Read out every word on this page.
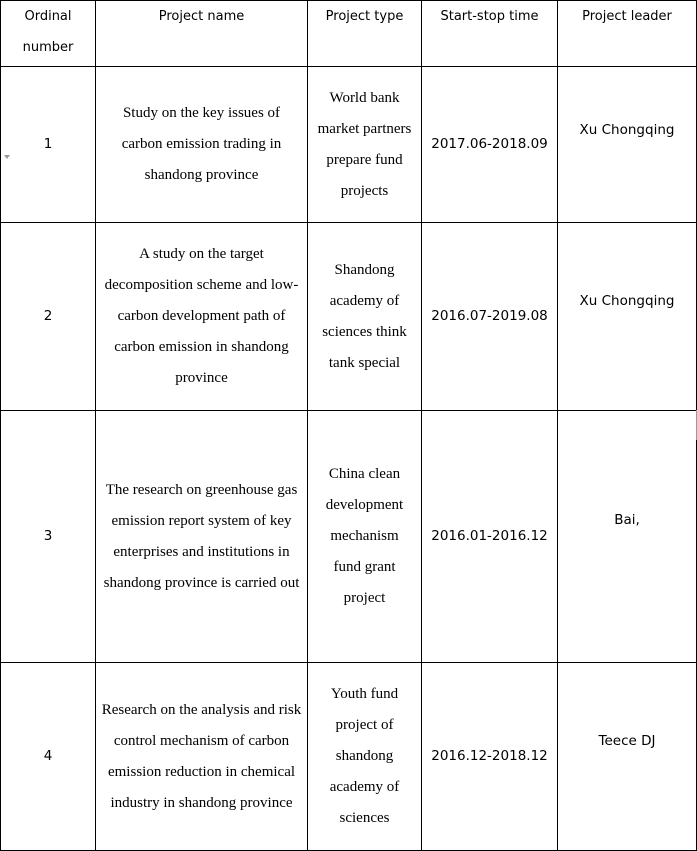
Ordinal number	Project name	Project type	Start-stop time	Project leader
1	Study on the key issues of carbon emission trading in shandong province	World bank market partners prepare fund projects	2017.06-2018.09	Xu Chongqing
2	A study on the target decomposition scheme and low-carbon development path of carbon emission in shandong province	Shandong academy of sciences think tank special	2016.07-2019.08	Xu Chongqing
3	The research on greenhouse gas emission report system of key enterprises and institutions in shandong province is carried out	China clean development mechanism fund grant project	2016.01-2016.12	Bai,
4	Research on the analysis and risk control mechanism of carbon emission reduction in chemical industry in shandong province	Youth fund project of shandong academy of sciences	2016.12-2018.12	Teece DJ
